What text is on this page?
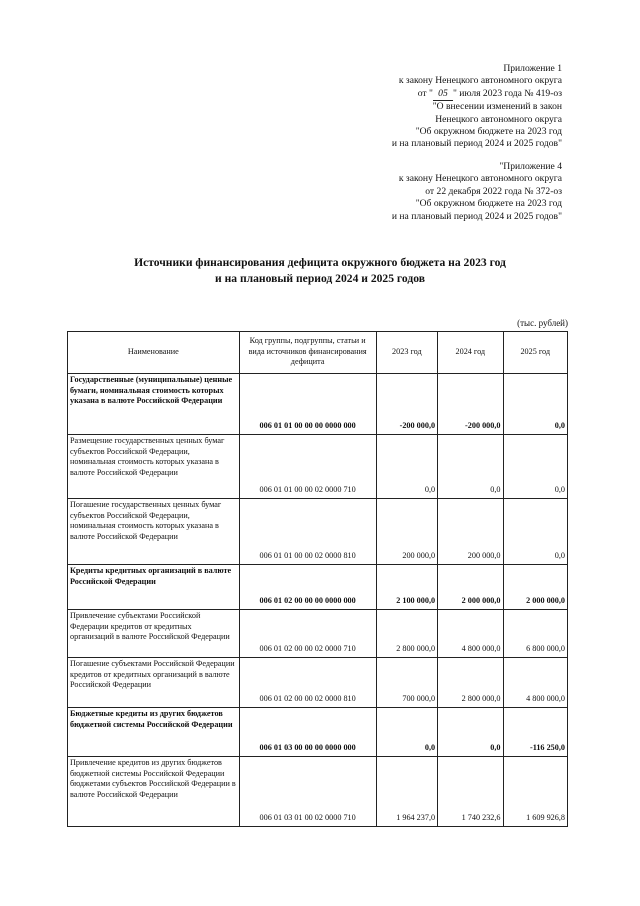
Приложение 1
к закону Ненецкого автономного округа
от " 05 " июля 2023 года № 419-оз
"О внесении изменений в закон
Ненецкого автономного округа
"Об окружном бюджете на 2023 год
и на плановый период 2024 и 2025 годов"
"Приложение 4
к закону Ненецкого автономного округа
от 22 декабря 2022 года № 372-оз
"Об окружном бюджете на 2023 год
и на плановый период 2024 и 2025 годов"
Источники финансирования дефицита окружного бюджета на 2023 год
и на плановый период 2024 и 2025 годов
(тыс. рублей)
Наименование	Код группы, подгруппы, статьи и вида источников финансирования дефицита	2023 год	2024 год	2025 год
Государственные (муниципальные) ценные бумаги, номинальная стоимость которых указана в валюте Российской Федерации	006 01 01 00 00 00 0000 000	-200 000,0	-200 000,0	0,0
Размещение государственных ценных бумаг субъектов Российской Федерации, номинальная стоимость которых указана в валюте Российской Федерации	006 01 01 00 00 02 0000 710	0,0	0,0	0,0
Погашение государственных ценных бумаг субъектов Российской Федерации, номинальная стоимость которых указана в валюте Российской Федерации	006 01 01 00 00 02 0000 810	200 000,0	200 000,0	0,0
Кредиты кредитных организаций в валюте Российской Федерации	006 01 02 00 00 00 0000 000	2 100 000,0	2 000 000,0	2 000 000,0
Привлечение субъектами Российской Федерации кредитов от кредитных организаций в валюте Российской Федерации	006 01 02 00 00 02 0000 710	2 800 000,0	4 800 000,0	6 800 000,0
Погашение субъектами Российской Федерации кредитов от кредитных организаций в валюте Российской Федерации	006 01 02 00 00 02 0000 810	700 000,0	2 800 000,0	4 800 000,0
Бюджетные кредиты из других бюджетов бюджетной системы Российской Федерации	006 01 03 00 00 00 0000 000	0,0	0,0	-116 250,0
Привлечение кредитов из других бюджетов бюджетной системы Российской Федерации бюджетами субъектов Российской Федерации в валюте Российской Федерации	006 01 03 01 00 02 0000 710	1 964 237,0	1 740 232,6	1 609 926,8
